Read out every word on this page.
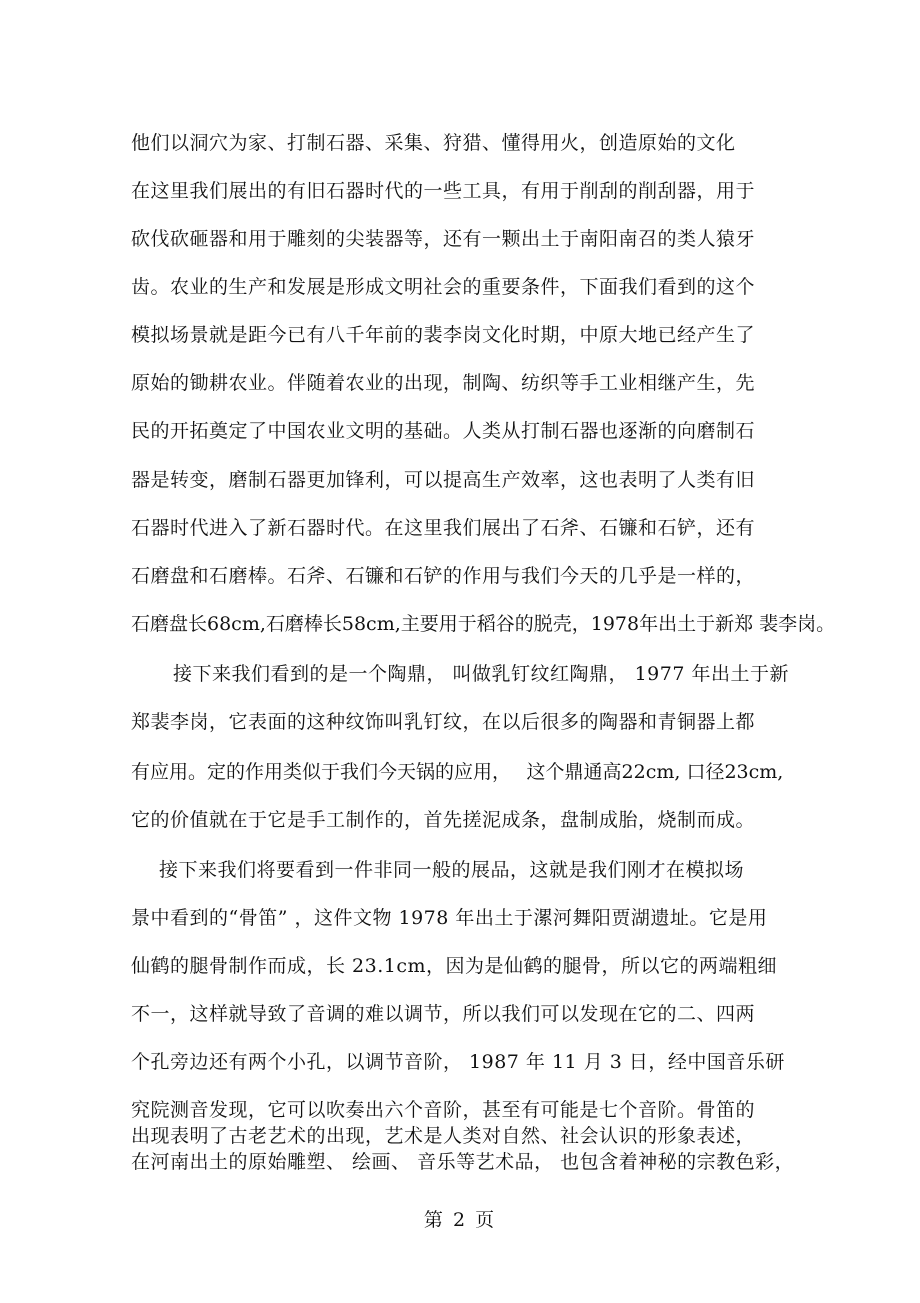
他们以洞穴为家、打制石器、采集、狩猎、懂得用火，创造原始的文化
在这里我们展出的有旧石器时代的一些工具，有用于削刮的削刮器，用于
砍伐砍砸器和用于雕刻的尖装器等，还有一颗出土于南阳南召的类人猿牙
齿。农业的生产和发展是形成文明社会的重要条件，下面我们看到的这个
模拟场景就是距今已有八千年前的裴李岗文化时期，中原大地已经产生了
原始的锄耕农业。伴随着农业的出现，制陶、纺织等手工业相继产生，先
民的开拓奠定了中国农业文明的基础。人类从打制石器也逐渐的向磨制石
器是转变，磨制石器更加锋利，可以提高生产效率，这也表明了人类有旧
石器时代进入了新石器时代。在这里我们展出了石斧、石镰和石铲，还有
石磨盘和石磨棒。石斧、石镰和石铲的作用与我们今天的几乎是一样的，
石磨盘长68cm,石磨棒长58cm,主要用于稻谷的脱壳，1978年出土于新郑 裴李岗。
接下来我们看到的是一个陶鼎， 叫做乳钉纹红陶鼎， 1977 年出土于新
郑裴李岗，它表面的这种纹饰叫乳钉纹，在以后很多的陶器和青铜器上都
有应用。定的作用类似于我们今天锅的应用，　 这个鼎通高22cm, 口径23cm,
它的价值就在于它是手工制作的，首先搓泥成条，盘制成胎，烧制而成。
接下来我们将要看到一件非同一般的展品，这就是我们刚才在模拟场
景中看到的“骨笛” ，这件文物 1978 年出土于漯河舞阳贾湖遗址。它是用
仙鹤的腿骨制作而成，长 23.1cm，因为是仙鹤的腿骨，所以它的两端粗细
不一，这样就导致了音调的难以调节，所以我们可以发现在它的二、四两
个孔旁边还有两个小孔，以调节音阶， 1987 年 11 月 3 日，经中国音乐研
究院测音发现，它可以吹奏出六个音阶，甚至有可能是七个音阶。骨笛的
出现表明了古老艺术的出现，艺术是人类对自然、社会认识的形象表述，
在河南出土的原始雕塑、 绘画、 音乐等艺术品， 也包含着神秘的宗教色彩，
第 2 页
